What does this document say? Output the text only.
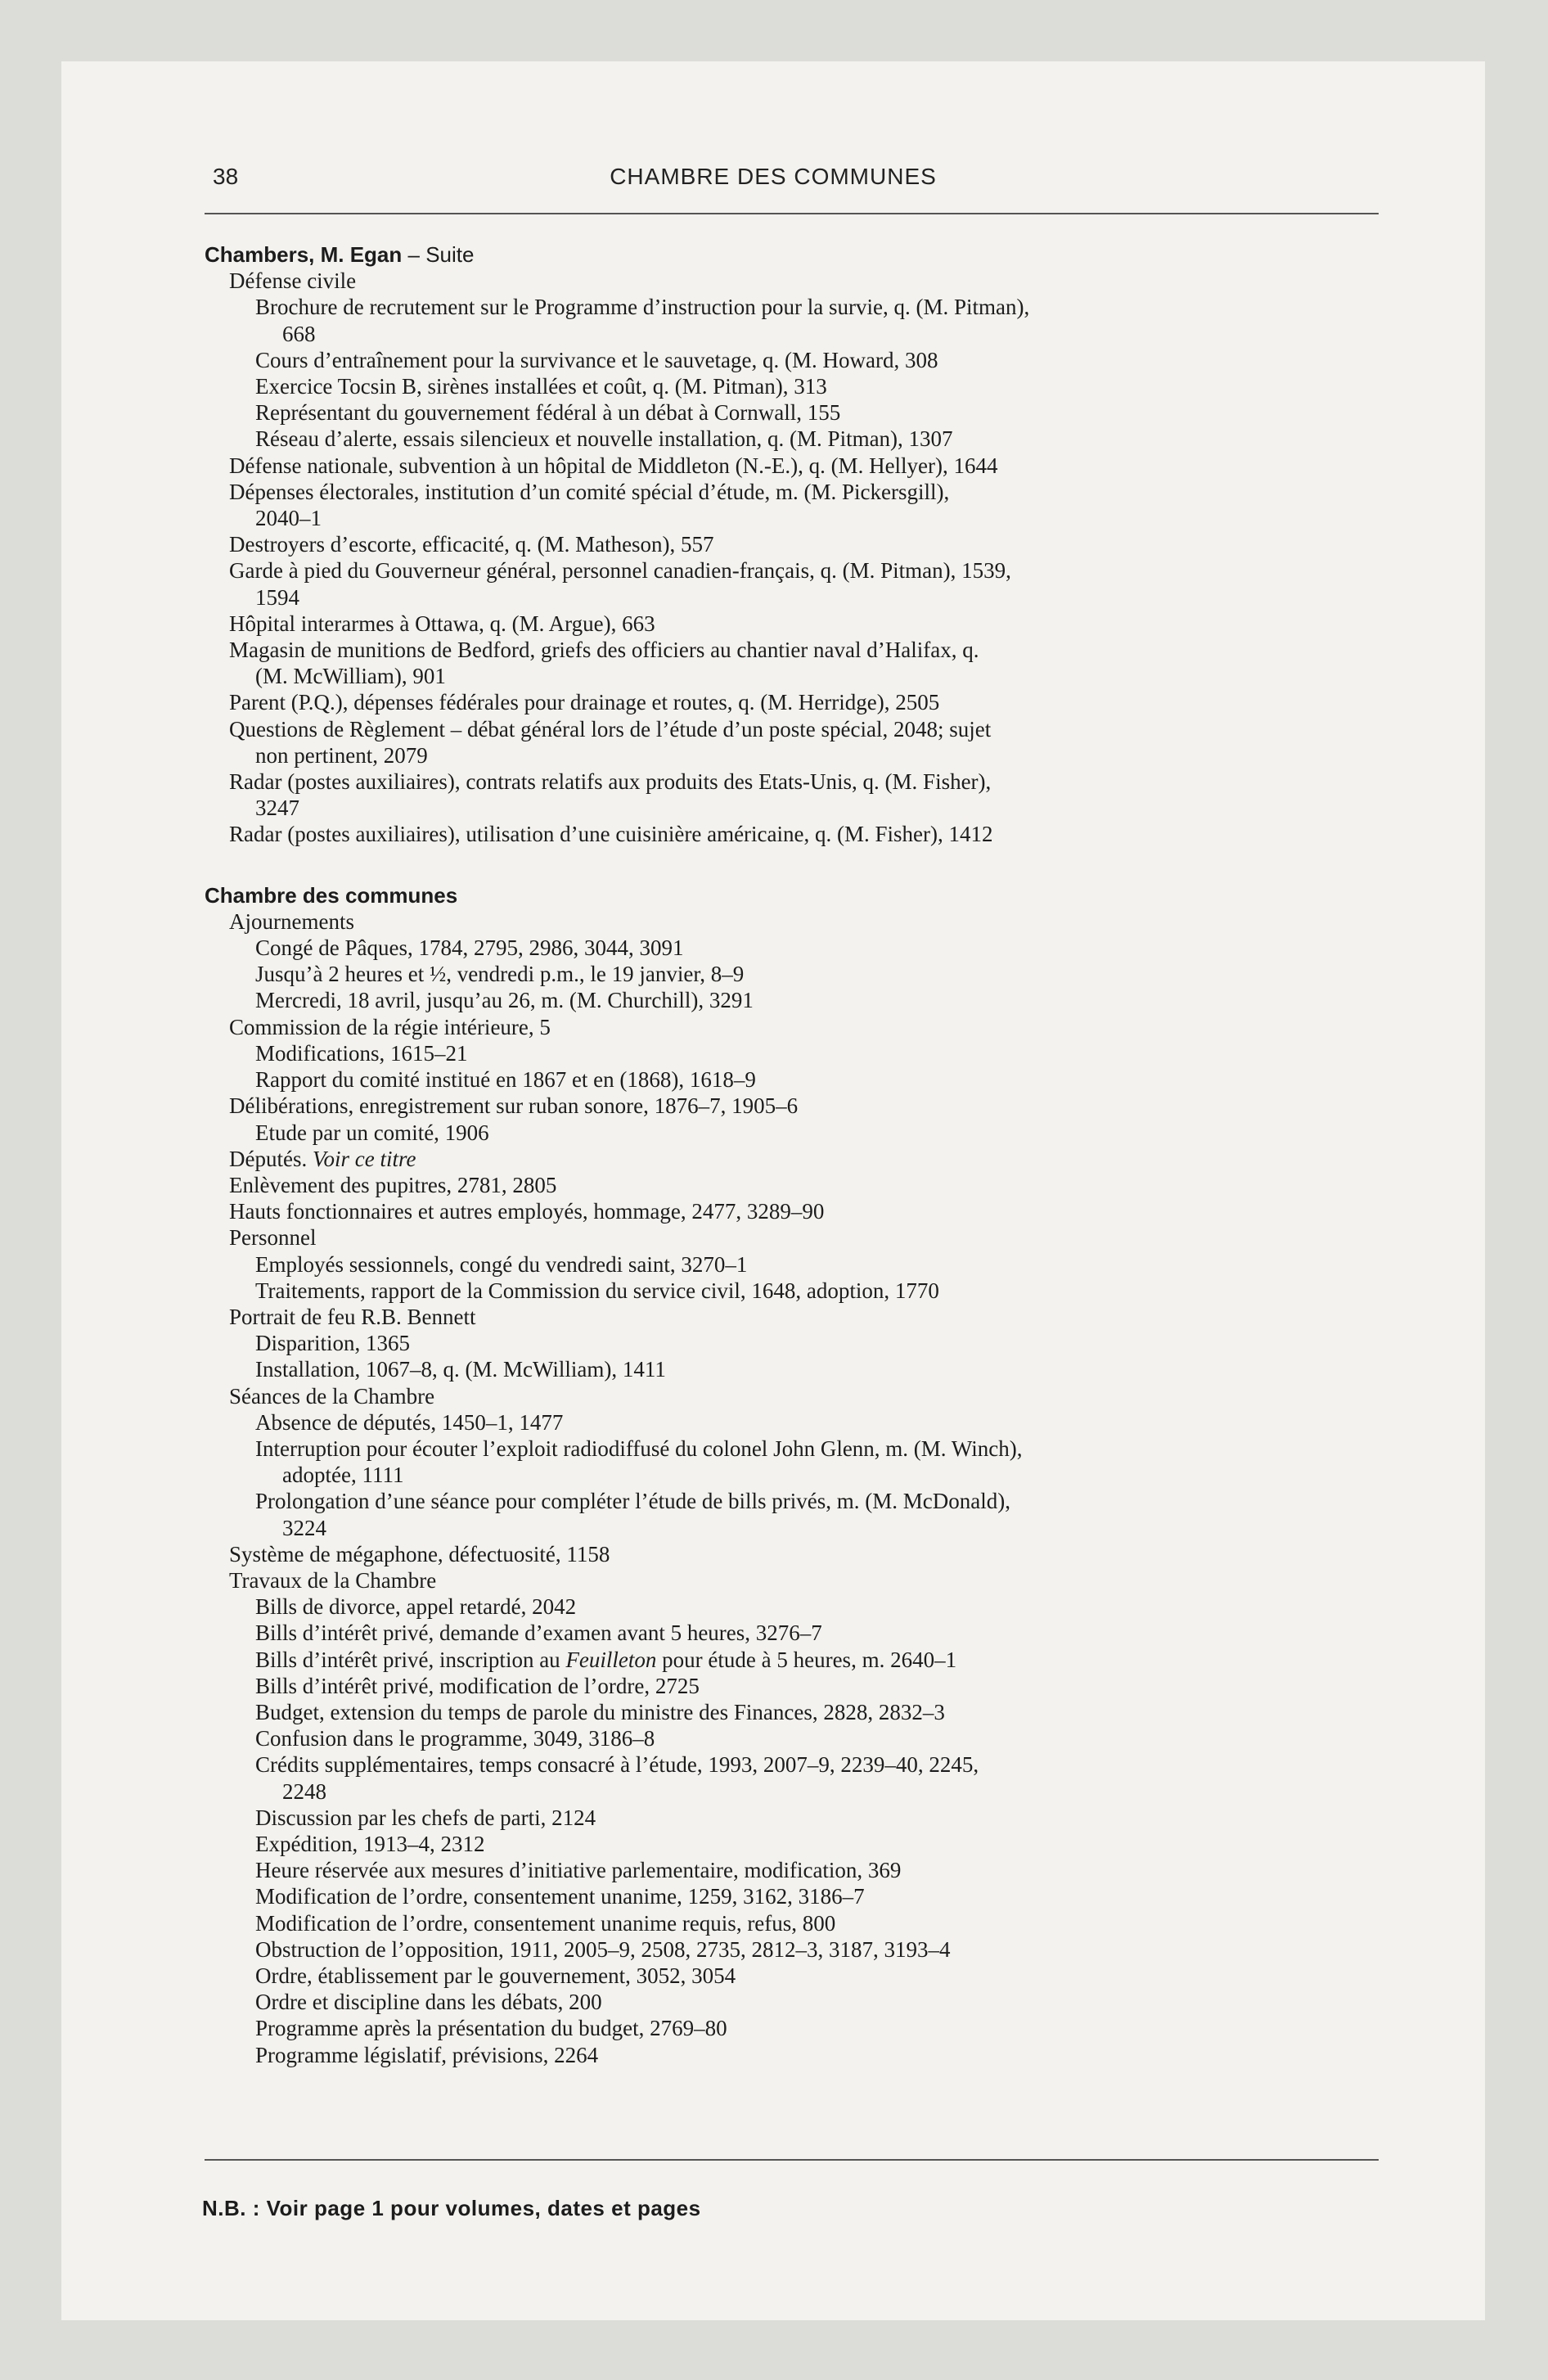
38	CHAMBRE DES COMMUNES
Chambers, M. Egan – Suite
Défense civile
Brochure de recrutement sur le Programme d’instruction pour la survie, q. (M. Pitman),
668
Cours d’entraînement pour la survivance et le sauvetage, q. (M. Howard, 308
Exercice Tocsin B, sirènes installées et coût, q. (M. Pitman), 313
Représentant du gouvernement fédéral à un débat à Cornwall, 155
Réseau d’alerte, essais silencieux et nouvelle installation, q. (M. Pitman), 1307
Défense nationale, subvention à un hôpital de Middleton (N.-E.), q. (M. Hellyer), 1644
Dépenses électorales, institution d’un comité spécial d’étude, m. (M. Pickersgill),
2040–1
Destroyers d’escorte, efficacité, q. (M. Matheson), 557
Garde à pied du Gouverneur général, personnel canadien-français, q. (M. Pitman), 1539,
1594
Hôpital interarmes à Ottawa, q. (M. Argue), 663
Magasin de munitions de Bedford, griefs des officiers au chantier naval d’Halifax, q.
(M. McWilliam), 901
Parent (P.Q.), dépenses fédérales pour drainage et routes, q. (M. Herridge), 2505
Questions de Règlement – débat général lors de l’étude d’un poste spécial, 2048; sujet
non pertinent, 2079
Radar (postes auxiliaires), contrats relatifs aux produits des Etats-Unis, q. (M. Fisher),
3247
Radar (postes auxiliaires), utilisation d’une cuisinière américaine, q. (M. Fisher), 1412
Chambre des communes
Ajournements
Congé de Pâques, 1784, 2795, 2986, 3044, 3091
Jusqu’à 2 heures et ½, vendredi p.m., le 19 janvier, 8–9
Mercredi, 18 avril, jusqu’au 26, m. (M. Churchill), 3291
Commission de la régie intérieure, 5
Modifications, 1615–21
Rapport du comité institué en 1867 et en (1868), 1618–9
Délibérations, enregistrement sur ruban sonore, 1876–7, 1905–6
Etude par un comité, 1906
Députés. Voir ce titre
Enlèvement des pupitres, 2781, 2805
Hauts fonctionnaires et autres employés, hommage, 2477, 3289–90
Personnel
Employés sessionnels, congé du vendredi saint, 3270–1
Traitements, rapport de la Commission du service civil, 1648, adoption, 1770
Portrait de feu R.B. Bennett
Disparition, 1365
Installation, 1067–8, q. (M. McWilliam), 1411
Séances de la Chambre
Absence de députés, 1450–1, 1477
Interruption pour écouter l’exploit radiodiffusé du colonel John Glenn, m. (M. Winch),
adoptée, 1111
Prolongation d’une séance pour compléter l’étude de bills privés, m. (M. McDonald),
3224
Système de mégaphone, défectuosité, 1158
Travaux de la Chambre
Bills de divorce, appel retardé, 2042
Bills d’intérêt privé, demande d’examen avant 5 heures, 3276–7
Bills d’intérêt privé, inscription au Feuilleton pour étude à 5 heures, m. 2640–1
Bills d’intérêt privé, modification de l’ordre, 2725
Budget, extension du temps de parole du ministre des Finances, 2828, 2832–3
Confusion dans le programme, 3049, 3186–8
Crédits supplémentaires, temps consacré à l’étude, 1993, 2007–9, 2239–40, 2245,
2248
Discussion par les chefs de parti, 2124
Expédition, 1913–4, 2312
Heure réservée aux mesures d’initiative parlementaire, modification, 369
Modification de l’ordre, consentement unanime, 1259, 3162, 3186–7
Modification de l’ordre, consentement unanime requis, refus, 800
Obstruction de l’opposition, 1911, 2005–9, 2508, 2735, 2812–3, 3187, 3193–4
Ordre, établissement par le gouvernement, 3052, 3054
Ordre et discipline dans les débats, 200
Programme après la présentation du budget, 2769–80
Programme législatif, prévisions, 2264
N.B. : Voir page 1 pour volumes, dates et pages
